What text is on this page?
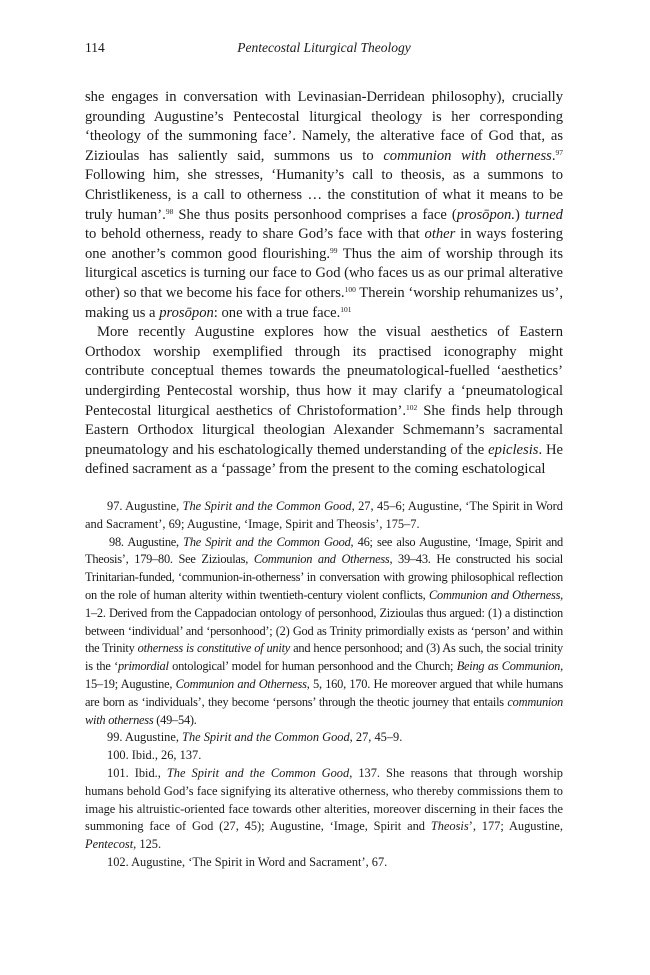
114	Pentecostal Liturgical Theology

she engages in conversation with Levinasian-Derridean philosophy), crucially grounding Augustine’s Pentecostal liturgical theology is her corresponding ‘theology of the summoning face’. Namely, the alterative face of God that, as Zizioulas has saliently said, summons us to communion with otherness.$^{97}$ Following him, she stresses, ‘Humanity’s call to theosis, as a summons to Christlikeness, is a call to otherness … the constitution of what it means to be truly human’.$^{98}$ She thus posits personhood comprises a face (prosōpon.) turned to behold otherness, ready to share God’s face with that other in ways fostering one another’s common good flourishing.$^{99}$ Thus the aim of worship through its liturgical ascetics is turning our face to God (who faces us as our primal alterative other) so that we become his face for others.$^{100}$ Therein ‘worship rehumanizes us’, making us a prosōpon: one with a true face.$^{101}$

More recently Augustine explores how the visual aesthetics of Eastern Orthodox worship exemplified through its practised iconography might contribute conceptual themes towards the pneumatological-fuelled ‘aesthetics’ undergirding Pentecostal worship, thus how it may clarify a ‘pneumatological Pentecostal liturgical aesthetics of Christoformation’.$^{102}$ She finds help through Eastern Orthodox liturgical theologian Alexander Schmemann’s sacramental pneumatology and his eschatologically themed understanding of the epiclesis. He defined sacrament as a ‘passage’ from the present to the coming eschatological

97. Augustine, The Spirit and the Common Good, 27, 45–6; Augustine, ‘The Spirit in Word and Sacrament’, 69; Augustine, ‘Image, Spirit and Theosis’, 175–7.

98. Augustine, The Spirit and the Common Good, 46; see also Augustine, ‘Image, Spirit and Theosis’, 179–80. See Zizioulas, Communion and Otherness, 39–43. He constructed his social Trinitarian-funded, ‘communion-in-otherness’ in conversation with growing philosophical reflection on the role of human alterity within twentieth-century violent conflicts, Communion and Otherness, 1–2. Derived from the Cappadocian ontology of personhood, Zizioulas thus argued: (1) a distinction between ‘individual’ and ‘personhood’; (2) God as Trinity primordially exists as ‘person’ and within the Trinity otherness is constitutive of unity and hence personhood; and (3) As such, the social trinity is the ‘primordial ontological’ model for human personhood and the Church; Being as Communion, 15–19; Augustine, Communion and Otherness, 5, 160, 170. He moreover argued that while humans are born as ‘individuals’, they become ‘persons’ through the theotic journey that entails communion with otherness (49–54).

99. Augustine, The Spirit and the Common Good, 27, 45–9.

100. Ibid., 26, 137.

101. Ibid., The Spirit and the Common Good, 137. She reasons that through worship humans behold God’s face signifying its alterative otherness, who thereby commissions them to image his altruistic-oriented face towards other alterities, moreover discerning in their faces the summoning face of God (27, 45); Augustine, ‘Image, Spirit and Theosis’, 177; Augustine, Pentecost, 125.

102. Augustine, ‘The Spirit in Word and Sacrament’, 67.
